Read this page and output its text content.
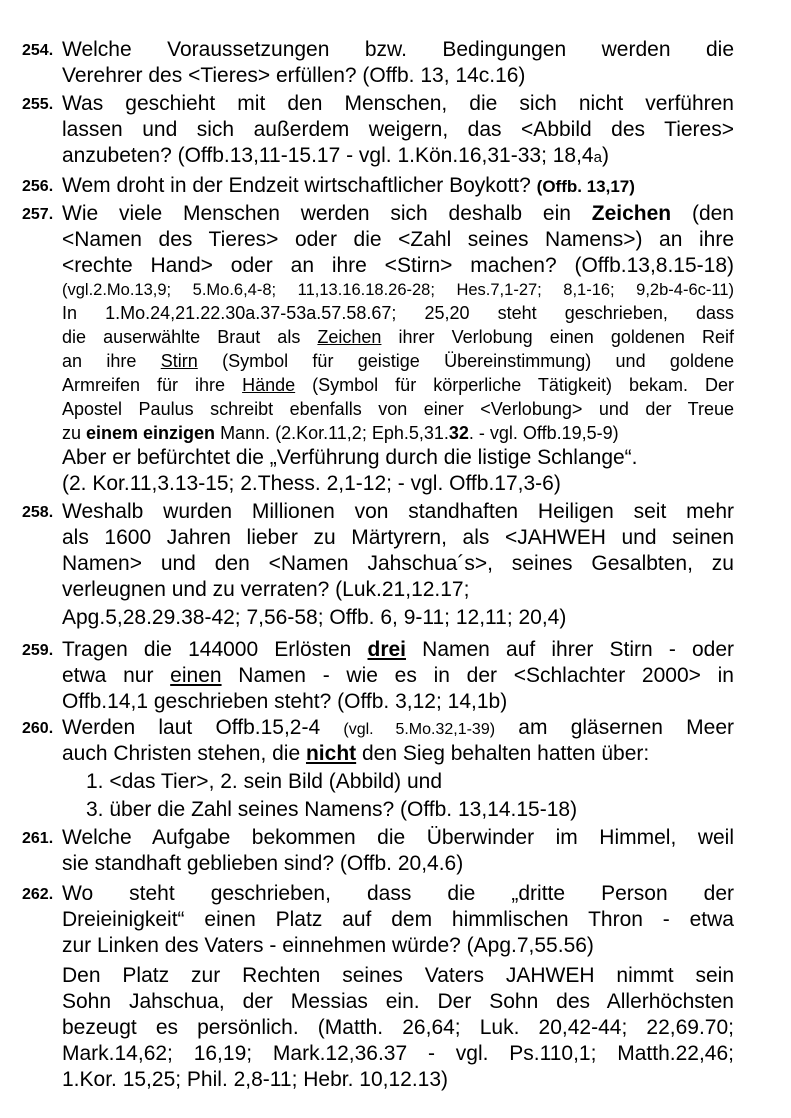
254. Welche Voraussetzungen bzw. Bedingungen werden die
Verehrer des <Tieres> erfüllen? (Offb. 13, 14c.16)
255. Was geschieht mit den Menschen, die sich nicht verführen
lassen und sich außerdem weigern, das <Abbild des Tieres>
anzubeten? (Offb.13,11-15.17 - vgl. 1.Kön.16,31-33; 18,4a)
256. Wem droht in der Endzeit wirtschaftlicher Boykott? (Offb. 13,17)
257. Wie viele Menschen werden sich deshalb ein Zeichen (den
<Namen des Tieres> oder die <Zahl seines Namens>) an ihre
<rechte Hand> oder an ihre <Stirn> machen? (Offb.13,8.15-18)
(vgl.2.Mo.13,9; 5.Mo.6,4-8; 11,13.16.18.26-28; Hes.7,1-27; 8,1-16; 9,2b-4-6c-11)
In 1.Mo.24,21.22.30a.37-53a.57.58.67; 25,20 steht geschrieben, dass
die auserwählte Braut als Zeichen ihrer Verlobung einen goldenen Reif
an ihre Stirn (Symbol für geistige Übereinstimmung) und goldene
Armreifen für ihre Hände (Symbol für körperliche Tätigkeit) bekam. Der
Apostel Paulus schreibt ebenfalls von einer <Verlobung> und der Treue
zu einem einzigen Mann. (2.Kor.11,2; Eph.5,31.32. - vgl. Offb.19,5-9)
Aber er befürchtet die „Verführung durch die listige Schlange“.
(2. Kor.11,3.13-15; 2.Thess. 2,1-12; - vgl. Offb.17,3-6)
258. Weshalb wurden Millionen von standhaften Heiligen seit mehr
als 1600 Jahren lieber zu Märtyrern, als <JAHWEH und seinen
Namen> und den <Namen Jahschua´s>, seines Gesalbten, zu
verleugnen und zu verraten? (Luk.21,12.17;
Apg.5,28.29.38-42; 7,56-58; Offb. 6, 9-11; 12,11; 20,4)
259. Tragen die 144000 Erlösten drei Namen auf ihrer Stirn - oder
etwa nur einen Namen - wie es in der <Schlachter 2000> in
Offb.14,1 geschrieben steht? (Offb. 3,12; 14,1b)
260. Werden laut Offb.15,2-4 (vgl. 5.Mo.32,1-39) am gläsernen Meer
auch Christen stehen, die nicht den Sieg behalten hatten über:
1. <das Tier>, 2. sein Bild (Abbild) und
3. über die Zahl seines Namens? (Offb. 13,14.15-18)
261. Welche Aufgabe bekommen die Überwinder im Himmel, weil
sie standhaft geblieben sind? (Offb. 20,4.6)
262. Wo steht geschrieben, dass die „dritte Person der
Dreieinigkeit“ einen Platz auf dem himmlischen Thron - etwa
zur Linken des Vaters - einnehmen würde? (Apg.7,55.56)
Den Platz zur Rechten seines Vaters JAHWEH nimmt sein
Sohn Jahschua, der Messias ein. Der Sohn des Allerhöchsten
bezeugt es persönlich. (Matth. 26,64; Luk. 20,42-44; 22,69.70;
Mark.14,62; 16,19; Mark.12,36.37 - vgl. Ps.110,1; Matth.22,46;
1.Kor. 15,25; Phil. 2,8-11; Hebr. 10,12.13)
